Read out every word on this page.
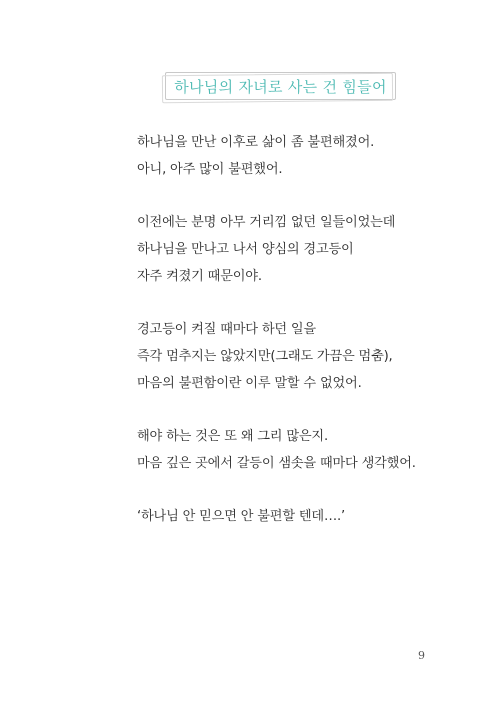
하나님의 자녀로 사는 건 힘들어
하나님을 만난 이후로 삶이 좀 불편해졌어.
아니, 아주 많이 불편했어.
이전에는 분명 아무 거리낌 없던 일들이었는데
하나님을 만나고 나서 양심의 경고등이
자주 켜졌기 때문이야.
경고등이 켜질 때마다 하던 일을
즉각 멈추지는 않았지만(그래도 가끔은 멈춤),
마음의 불편함이란 이루 말할 수 없었어.
해야 하는 것은 또 왜 그리 많은지.
마음 깊은 곳에서 갈등이 샘솟을 때마다 생각했어.
‘하나님 안 믿으면 안 불편할 텐데….’
9
